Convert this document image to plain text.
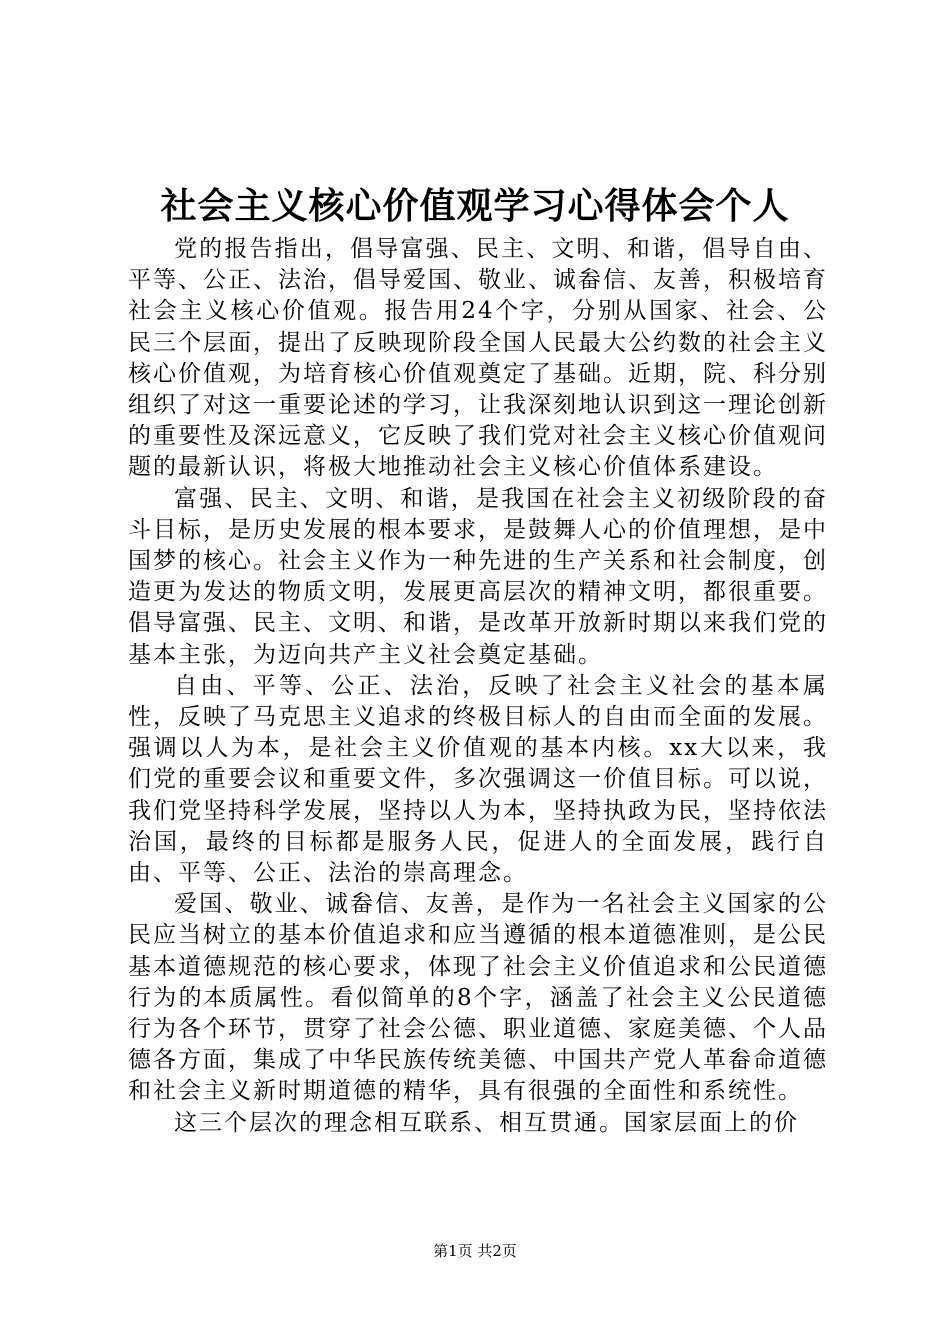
社会主义核心价值观学习心得体会个人

党的报告指出，倡导富强、民主、文明、和谐，倡导自由、平等、公正、法治，倡导爱国、敬业、诚畚信、友善，积极培育社会主义核心价值观。报告用24个字，分别从国家、社会、公民三个层面，提出了反映现阶段全国人民最大公约数的社会主义核心价值观，为培育核心价值观奠定了基础。近期，院、科分别组织了对这一重要论述的学习，让我深刻地认识到这一理论创新的重要性及深远意义，它反映了我们党对社会主义核心价值观问题的最新认识，将极大地推动社会主义核心价值体系建设。

富强、民主、文明、和谐，是我国在社会主义初级阶段的奋斗目标，是历史发展的根本要求，是鼓舞人心的价值理想，是中国梦的核心。社会主义作为一种先进的生产关系和社会制度，创造更为发达的物质文明，发展更高层次的精神文明，都很重要。倡导富强、民主、文明、和谐，是改革开放新时期以来我们党的基本主张，为迈向共产主义社会奠定基础。

自由、平等、公正、法治，反映了社会主义社会的基本属性，反映了马克思主义追求的终极目标人的自由而全面的发展。强调以人为本，是社会主义价值观的基本内核。xx大以来，我们党的重要会议和重要文件，多次强调这一价值目标。可以说，我们党坚持科学发展，坚持以人为本，坚持执政为民，坚持依法治国，最终的目标都是服务人民，促进人的全面发展，践行自由、平等、公正、法治的崇高理念。

爱国、敬业、诚畚信、友善，是作为一名社会主义国家的公民应当树立的基本价值追求和应当遵循的根本道德准则，是公民基本道德规范的核心要求，体现了社会主义价值追求和公民道德行为的本质属性。看似简单的8个字，涵盖了社会主义公民道德行为各个环节，贯穿了社会公德、职业道德、家庭美德、个人品德各方面，集成了中华民族传统美德、中国共产党人革畚命道德和社会主义新时期道德的精华，具有很强的全面性和系统性。

这三个层次的理念相互联系、相互贯通。国家层面上的价

第1页 共2页
